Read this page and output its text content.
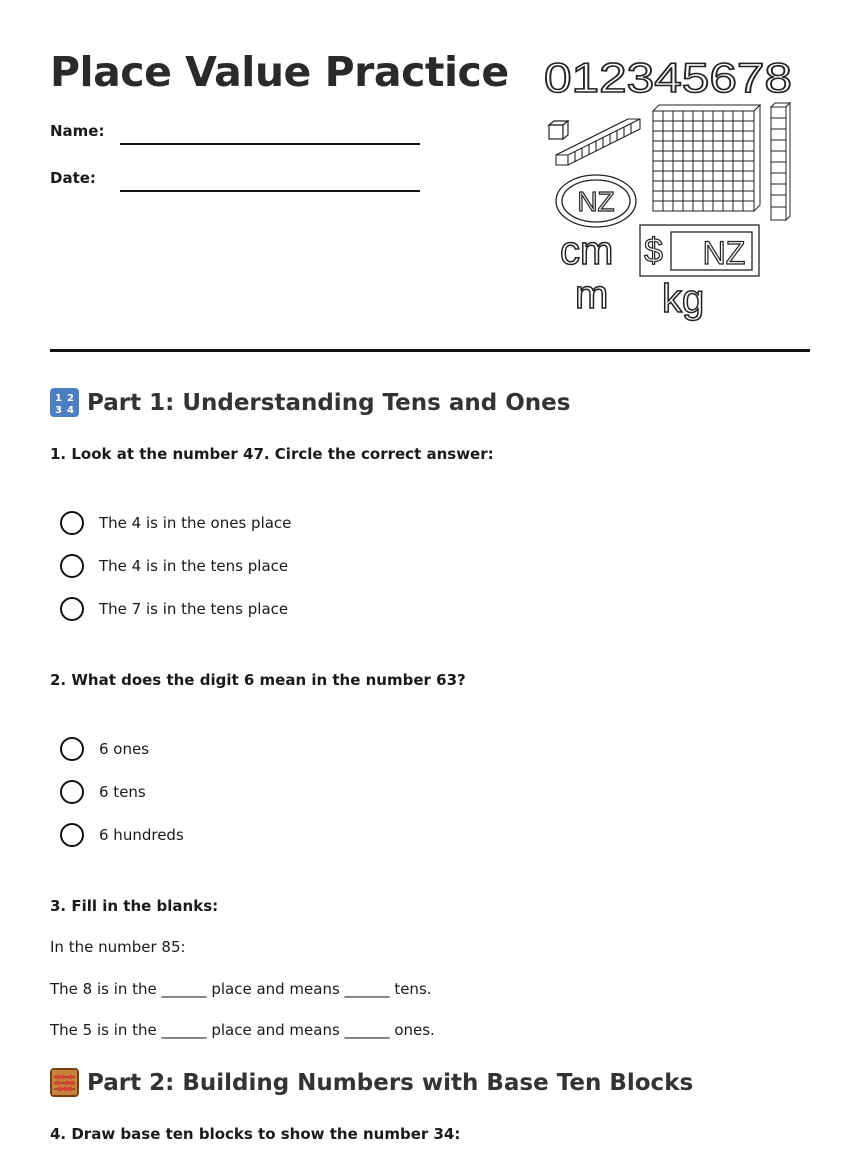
Place Value Practice
Name:
Date:
012345678
NZ
cm
m kg
$ NZ
1 2
3 4 Part 1: Understanding Tens and Ones
1. Look at the number 47. Circle the correct answer:
The 4 is in the ones place
The 4 is in the tens place
The 7 is in the tens place
2. What does the digit 6 mean in the number 63?
6 ones
6 tens
6 hundreds
3. Fill in the blanks:
In the number 85:
The 8 is in the ______ place and means ______ tens.
The 5 is in the ______ place and means ______ ones.
Part 2: Building Numbers with Base Ten Blocks
4. Draw base ten blocks to show the number 34:
